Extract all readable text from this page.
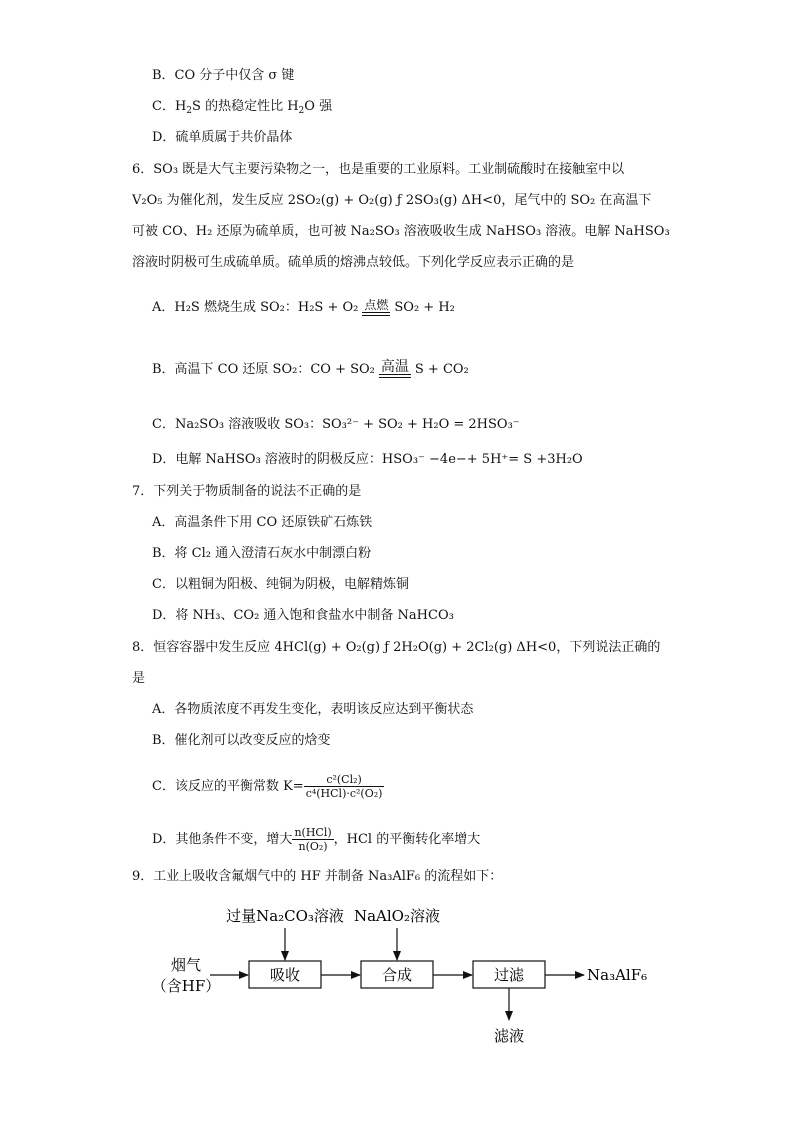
B．CO 分子中仅含 σ 键
C．$H_2S$ 的热稳定性比 $H_2O$ 强
D．硫单质属于共价晶体
6．SO₃ 既是大气主要污染物之一，也是重要的工业原料。工业制硫酸时在接触室中以
V₂O₅ 为催化剂，发生反应 2SO₂(g) + O₂(g) ƒ 2SO₃(g) ΔH<0，尾气中的 SO₂ 在高温下
可被 CO、H₂ 还原为硫单质，也可被 Na₂SO₃ 溶液吸收生成 NaHSO₃ 溶液。电解 NaHSO₃
溶液时阴极可生成硫单质。硫单质的熔沸点较低。下列化学反应表示正确的是
A．H₂S 燃烧生成 SO₂：H₂S + O₂ 点燃 SO₂ + H₂
B．高温下 CO 还原 SO₂：CO + SO₂ 高温 S + CO₂
C．Na₂SO₃ 溶液吸收 SO₃：SO₃²⁻ + SO₂ + H₂O = 2HSO₃⁻
D．电解 NaHSO₃ 溶液时的阴极反应：HSO₃⁻ −4e−+ 5H⁺= S +3H₂O
7．下列关于物质制备的说法不正确的是
A．高温条件下用 CO 还原铁矿石炼铁
B．将 Cl₂ 通入澄清石灰水中制漂白粉
C．以粗铜为阳极、纯铜为阴极，电解精炼铜
D．将 NH₃、CO₂ 通入饱和食盐水中制备 NaHCO₃
8．恒容容器中发生反应 4HCl(g) + O₂(g) ƒ 2H₂O(g) + 2Cl₂(g) ΔH<0，下列说法正确的
是
A．各物质浓度不再发生变化，表明该反应达到平衡状态
B．催化剂可以改变反应的焓变
C．该反应的平衡常数 $K= \frac{\text{c²(Cl₂)}}{\text{c⁴(HCl)·c²(O₂)}}$
D．其他条件不变，增大 $\frac{\text{n(HCl)}}{\text{n(O₂)}}$ ，HCl 的平衡转化率增大
9．工业上吸收含氟烟气中的 HF 并制备 Na₃AlF₆ 的流程如下：
过量Na₂CO₃溶液 NaAlO₂溶液
烟气
（含HF）
吸收	合成	过滤	Na₃AlF₆
滤液
